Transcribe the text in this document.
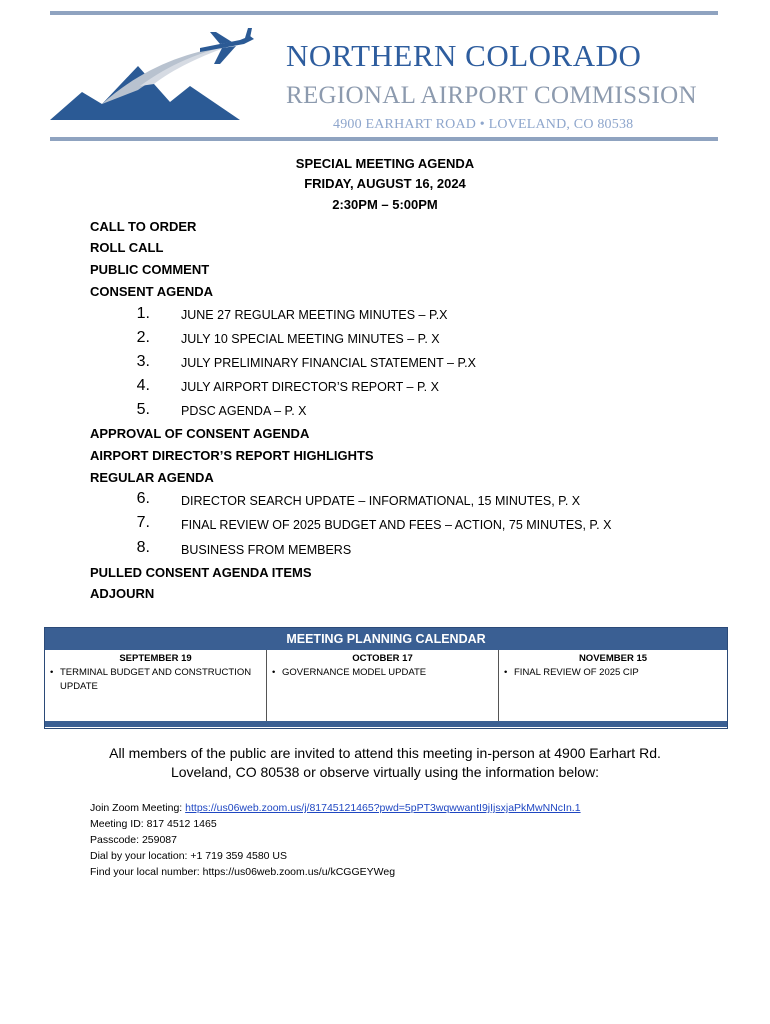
NORTHERN COLORADO
REGIONAL AIRPORT COMMISSION
4900 EARHART ROAD • LOVELAND, CO 80538
SPECIAL MEETING AGENDA
FRIDAY, AUGUST 16, 2024
2:30PM – 5:00PM
CALL TO ORDER
ROLL CALL
PUBLIC COMMENT
CONSENT AGENDA
1. JUNE 27 REGULAR MEETING MINUTES – P.X
2. JULY 10 SPECIAL MEETING MINUTES – P. X
3. JULY PRELIMINARY FINANCIAL STATEMENT – P.X
4. JULY AIRPORT DIRECTOR’S REPORT – P. X
5. PDSC AGENDA – P. X
APPROVAL OF CONSENT AGENDA
AIRPORT DIRECTOR’S REPORT HIGHLIGHTS
REGULAR AGENDA
6. DIRECTOR SEARCH UPDATE – INFORMATIONAL, 15 MINUTES, P. X
7. FINAL REVIEW OF 2025 BUDGET AND FEES – ACTION, 75 MINUTES, P. X
8. BUSINESS FROM MEMBERS
PULLED CONSENT AGENDA ITEMS
ADJOURN
MEETING PLANNING CALENDAR
SEPTEMBER 19
• TERMINAL BUDGET AND CONSTRUCTION UPDATE
OCTOBER 17
• GOVERNANCE MODEL UPDATE
NOVEMBER 15
• FINAL REVIEW OF 2025 CIP
All members of the public are invited to attend this meeting in-person at 4900 Earhart Rd. Loveland, CO 80538 or observe virtually using the information below:
Join Zoom Meeting: https://us06web.zoom.us/j/81745121465?pwd=5pPT3wqwwantI9jIjsxjaPkMwNNcIn.1
Meeting ID: 817 4512 1465
Passcode: 259087
Dial by your location: +1 719 359 4580 US
Find your local number: https://us06web.zoom.us/u/kCGGEYWeg
